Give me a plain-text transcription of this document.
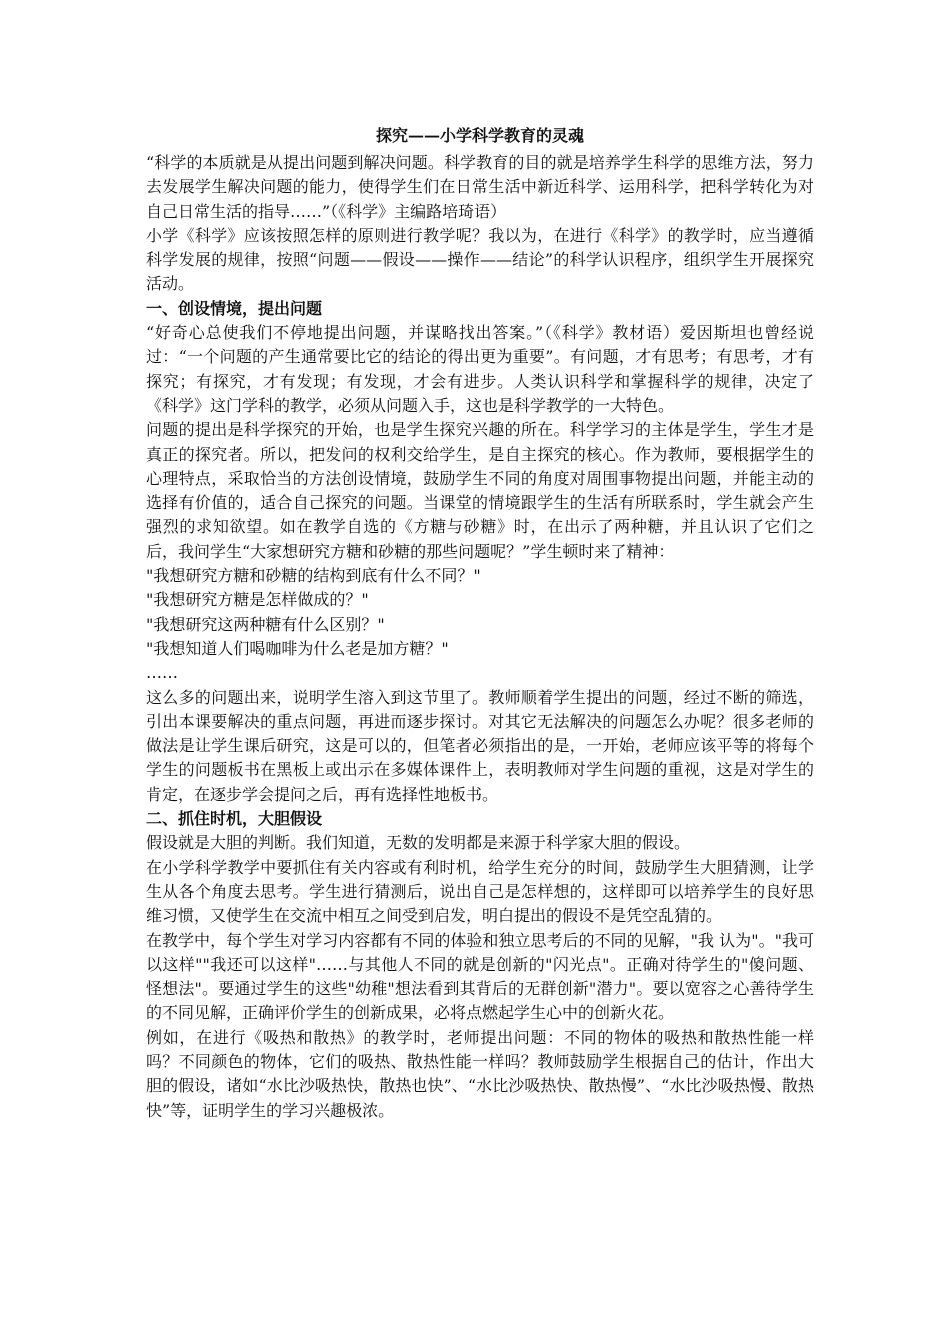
探究——小学科学教育的灵魂

“科学的本质就是从提出问题到解决问题。科学教育的目的就是培养学生科学的思维方法，努力去发展学生解决问题的能力，使得学生们在日常生活中新近科学、运用科学，把科学转化为对自己日常生活的指导……”（《科学》主编路培琦语）

小学《科学》应该按照怎样的原则进行教学呢？我以为，在进行《科学》的教学时，应当遵循科学发展的规律，按照“问题——假设——操作——结论”的科学认识程序，组织学生开展探究活动。

一、创设情境，提出问题

“好奇心总使我们不停地提出问题，并谋略找出答案。”（《科学》教材语）爱因斯坦也曾经说过：“一个问题的产生通常要比它的结论的得出更为重要”。有问题，才有思考；有思考，才有探究；有探究，才有发现；有发现，才会有进步。人类认识科学和掌握科学的规律，决定了《科学》这门学科的教学，必须从问题入手，这也是科学教学的一大特色。

问题的提出是科学探究的开始，也是学生探究兴趣的所在。科学学习的主体是学生，学生才是真正的探究者。所以，把发问的权利交给学生，是自主探究的核心。作为教师，要根据学生的心理特点，采取恰当的方法创设情境，鼓励学生不同的角度对周围事物提出问题，并能主动的选择有价值的，适合自己探究的问题。当课堂的情境跟学生的生活有所联系时，学生就会产生强烈的求知欲望。如在教学自选的《方糖与砂糖》时，在出示了两种糖，并且认识了它们之后，我问学生“大家想研究方糖和砂糖的那些问题呢？”学生顿时来了精神：

"我想研究方糖和砂糖的结构到底有什么不同？"

"我想研究方糖是怎样做成的？"

"我想研究这两种糖有什么区别？"

"我想知道人们喝咖啡为什么老是加方糖？"

……

这么多的问题出来，说明学生溶入到这节里了。教师顺着学生提出的问题，经过不断的筛选，引出本课要解决的重点问题，再进而逐步探讨。对其它无法解决的问题怎么办呢？很多老师的做法是让学生课后研究，这是可以的，但笔者必须指出的是，一开始，老师应该平等的将每个学生的问题板书在黑板上或出示在多媒体课件上，表明教师对学生问题的重视，这是对学生的肯定，在逐步学会提问之后，再有选择性地板书。

二、抓住时机，大胆假设

假设就是大胆的判断。我们知道，无数的发明都是来源于科学家大胆的假设。

在小学科学教学中要抓住有关内容或有利时机，给学生充分的时间，鼓励学生大胆猜测，让学生从各个角度去思考。学生进行猜测后，说出自己是怎样想的，这样即可以培养学生的良好思维习惯，又使学生在交流中相互之间受到启发，明白提出的假设不是凭空乱猜的。

在教学中，每个学生对学习内容都有不同的体验和独立思考后的不同的见解，"我 认为"。"我可以这样""我还可以这样"……与其他人不同的就是创新的"闪光点"。正确对待学生的"傻问题、怪想法"。要通过学生的这些"幼稚"想法看到其背后的无群创新"潜力"。要以宽容之心善待学生的不同见解，正确评价学生的创新成果，必将点燃起学生心中的创新火花。

例如，在进行《吸热和散热》的教学时，老师提出问题：不同的物体的吸热和散热性能一样吗？不同颜色的物体，它们的吸热、散热性能一样吗？教师鼓励学生根据自己的估计，作出大胆的假设，诸如“水比沙吸热快，散热也快”、“水比沙吸热快、散热慢”、“水比沙吸热慢、散热快”等，证明学生的学习兴趣极浓。
